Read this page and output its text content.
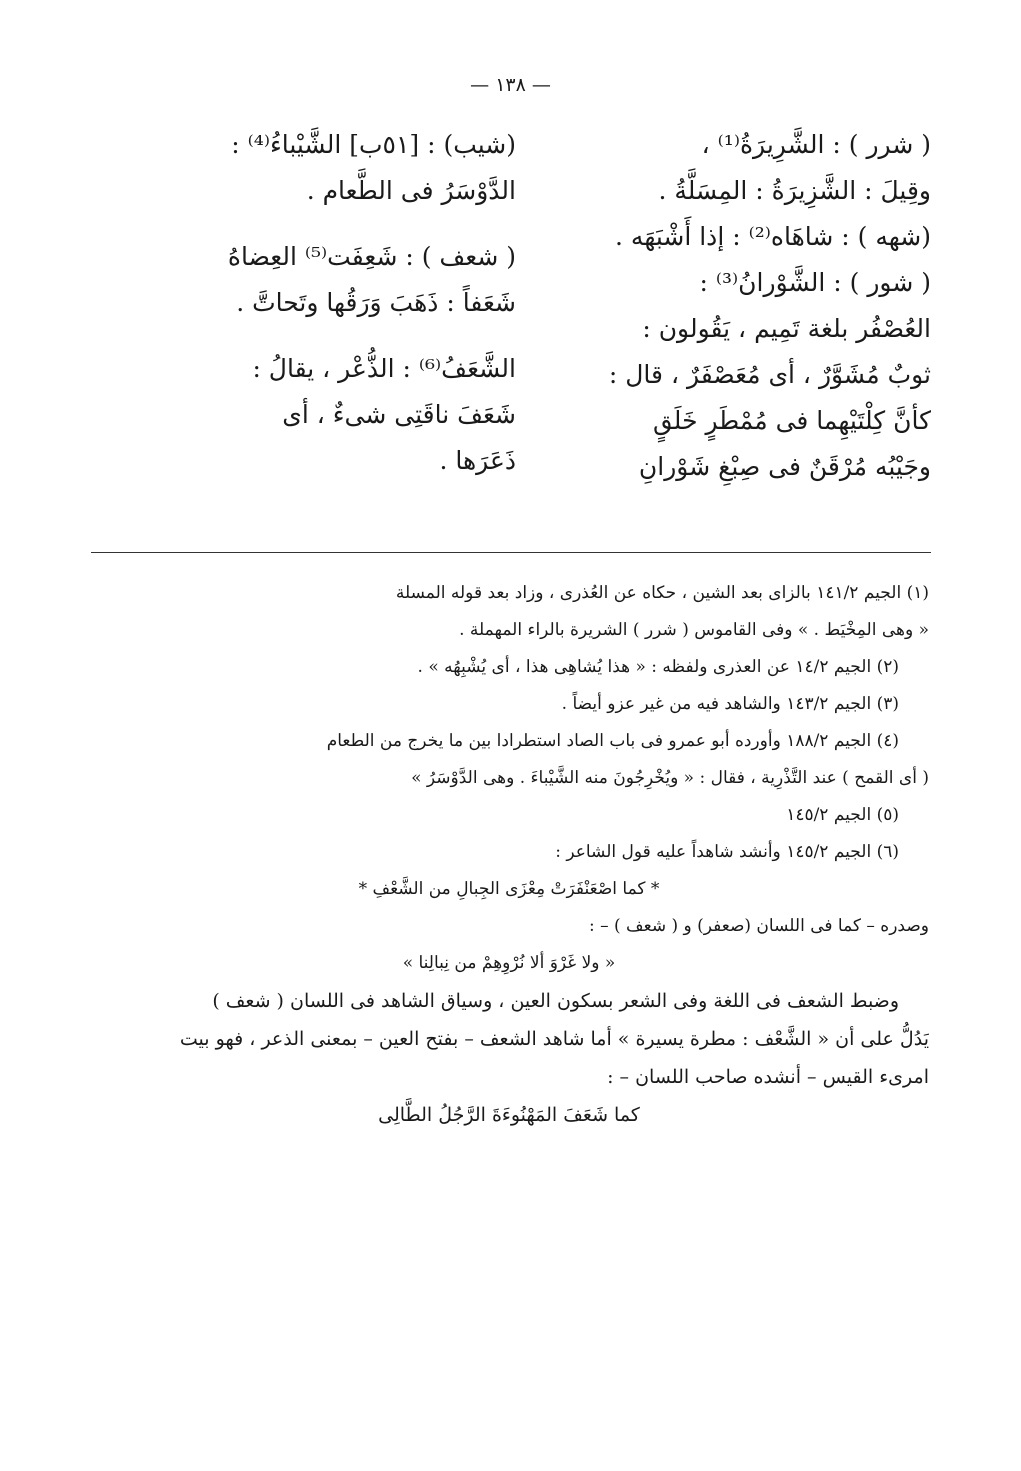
— ١٣٨ —
( شرر ) : الشَّرِيرَةُ⁽¹⁾ ،
وقِيلَ : الشَّزِيرَةُ : المِسَلَّةُ .
(شهه ) : شاهَاه⁽²⁾ : إذا أَشْبَهَه .
( شور ) : الشَّوْرانُ⁽³⁾ :
العُصْفُر بلغة تَمِيم ، يَقُولون :
ثوبٌ مُشَوَّرٌ ، أى مُعَصْفَرٌ ، قال :
كأنَّ كِلْتَيْهِما فى مُمْطَرٍ خَلَقٍ
وجَيْبُه مُرْقَنٌ فى صِبْغِ شَوْرانِ
(شيب) : [٥١ب] الشَّيْباءُ⁽⁴⁾ :
الدَّوْسَرُ فى الطَّعام .
( شعف ) : شَعِفَت⁽⁵⁾ العِضاهُ
شَعَفاً : ذَهَبَ وَرَقُها وتَحاتَّ .
الشَّعَفُ⁽⁶⁾ : الذُّعْر ، يقالُ :
شَعَفَ ناقَتِى شىءٌ ، أى
ذَعَرَها .
(١) الجيم ١٤١/٢ بالزاى بعد الشين ، حكاه عن العُذرى ، وزاد بعد قوله المسلة
« وهى المِخْيَط . » وفى القاموس ( شرر ) الشريرة بالراء المهملة .
(٢) الجيم ١٤/٢ عن العذرى ولفظه : « هذا يُشاهِى هذا ، أى يُشْبِهُه » .
(٣) الجيم ١٤٣/٢ والشاهد فيه من غير عزو أيضاً .
(٤) الجيم ١٨٨/٢ وأورده أبو عمرو فى باب الصاد استطرادا بين ما يخرج من الطعام
( أى القمح ) عند التَّذْرِية ، فقال : « ويُخْرِجُونَ منه الشَّيْباءَ . وهى الدَّوْسَرُ »
(٥) الجيم ١٤٥/٢
(٦) الجيم ١٤٥/٢ وأنشد شاهداً عليه قول الشاعر :
* كما اصْعَنْفَرَتْ مِعْزَى الجِبالِ من الشَّعْفِ *
وصدره – كما فى اللسان (صعفر) و ( شعف ) – :
« ولا غَرْوَ ألا نُرْوِهِمْ من نِبالِنا »
وضبط الشعف فى اللغة وفى الشعر بسكون العين ، وسياق الشاهد فى اللسان ( شعف )
يَدُلُّ على أن « الشَّعْف : مطرة يسيرة » أما شاهد الشعف – بفتح العين – بمعنى الذعر ، فهو بيت
امرىء القيس – أنشده صاحب اللسان – :
كما شَعَفَ المَهْنُوءَةَ الرَّجُلُ الطَّالِى
